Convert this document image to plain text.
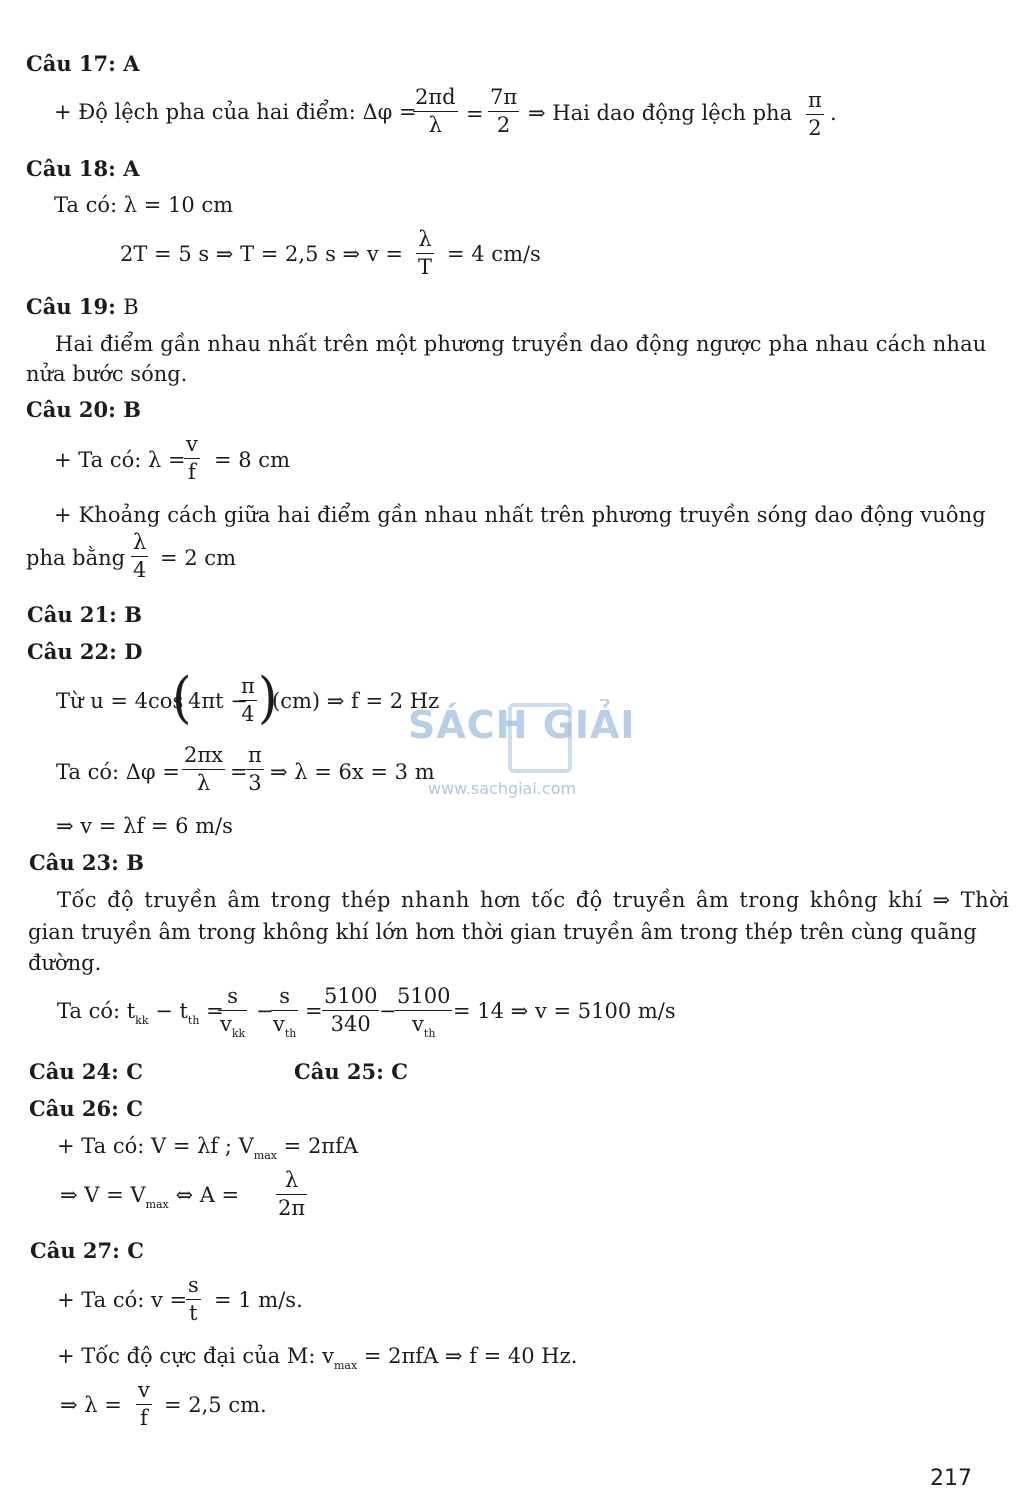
Câu 17: A
+ Độ lệch pha của hai điểm: Δφ =
$\frac{2\pi d}{\lambda} = \frac{7\pi}{2}$ ⇒ Hai dao động lệch pha $\frac{\pi}{2}$ .
Câu 18: A
Ta có: λ = 10 cm
2T = 5 s ⇒ T = 2,5 s ⇒ $v = \frac{\lambda}{T} = 4$ cm/s
Câu 19: B
Hai điểm gần nhau nhất trên một phương truyền dao động ngược pha nhau cách nhau
nửa bước sóng.
Câu 20: B
+ Ta có: λ =
$\frac{v}{f} = 8$ cm
+ Khoảng cách giữa hai điểm gần nhau nhất trên phương truyền sóng dao động vuông
pha bằng $\frac{\lambda}{4} = 2$ cm
Câu 21: B
Câu 22: D
Từ u = 4cos
(
4πt −
$\frac{\pi}{4}$ )
(cm) ⇒ f = 2 Hz
Ta có: $\Delta\varphi = \frac{2\pi x}{\lambda}$ =
$\frac{\pi}{3}$ ⇒ λ = 6x = 3 m
⇒ v = λf = 6 m/s
Câu 23: B
Tốc độ truyền âm trong thép nhanh hơn tốc độ truyền âm trong không khí ⇒ Thời
gian truyền âm trong không khí lớn hơn thời gian truyền âm trong thép trên cùng quãng
đường.
Ta có: $t_{kk} - t_{th}$ =
s
$v_{kk}$
−
s
$v_{th}$
= $\frac{5100}{340}$ −
5100
$v_{th}$
= 14 ⇒ v = 5100 m/s
Câu 24: C	Câu 25: C
Câu 26: C
+ Ta có: V = λf ; $V_{max} = 2\pi fA$
⇒ $V = V_{max}$ ⇔ $A = \frac{\lambda}{2\pi}$
Câu 27: C
+ Ta có: v =
$\frac{s}{t} = 1$ m/s.
+ Tốc độ cực đại của M: $v_{max} = 2\pi fA$ ⇒ f = 40 Hz.
⇒ $\lambda = \frac{v}{f} = 2,5$ cm.
SÁCH GIẢI
www.sachgiai.com
217
